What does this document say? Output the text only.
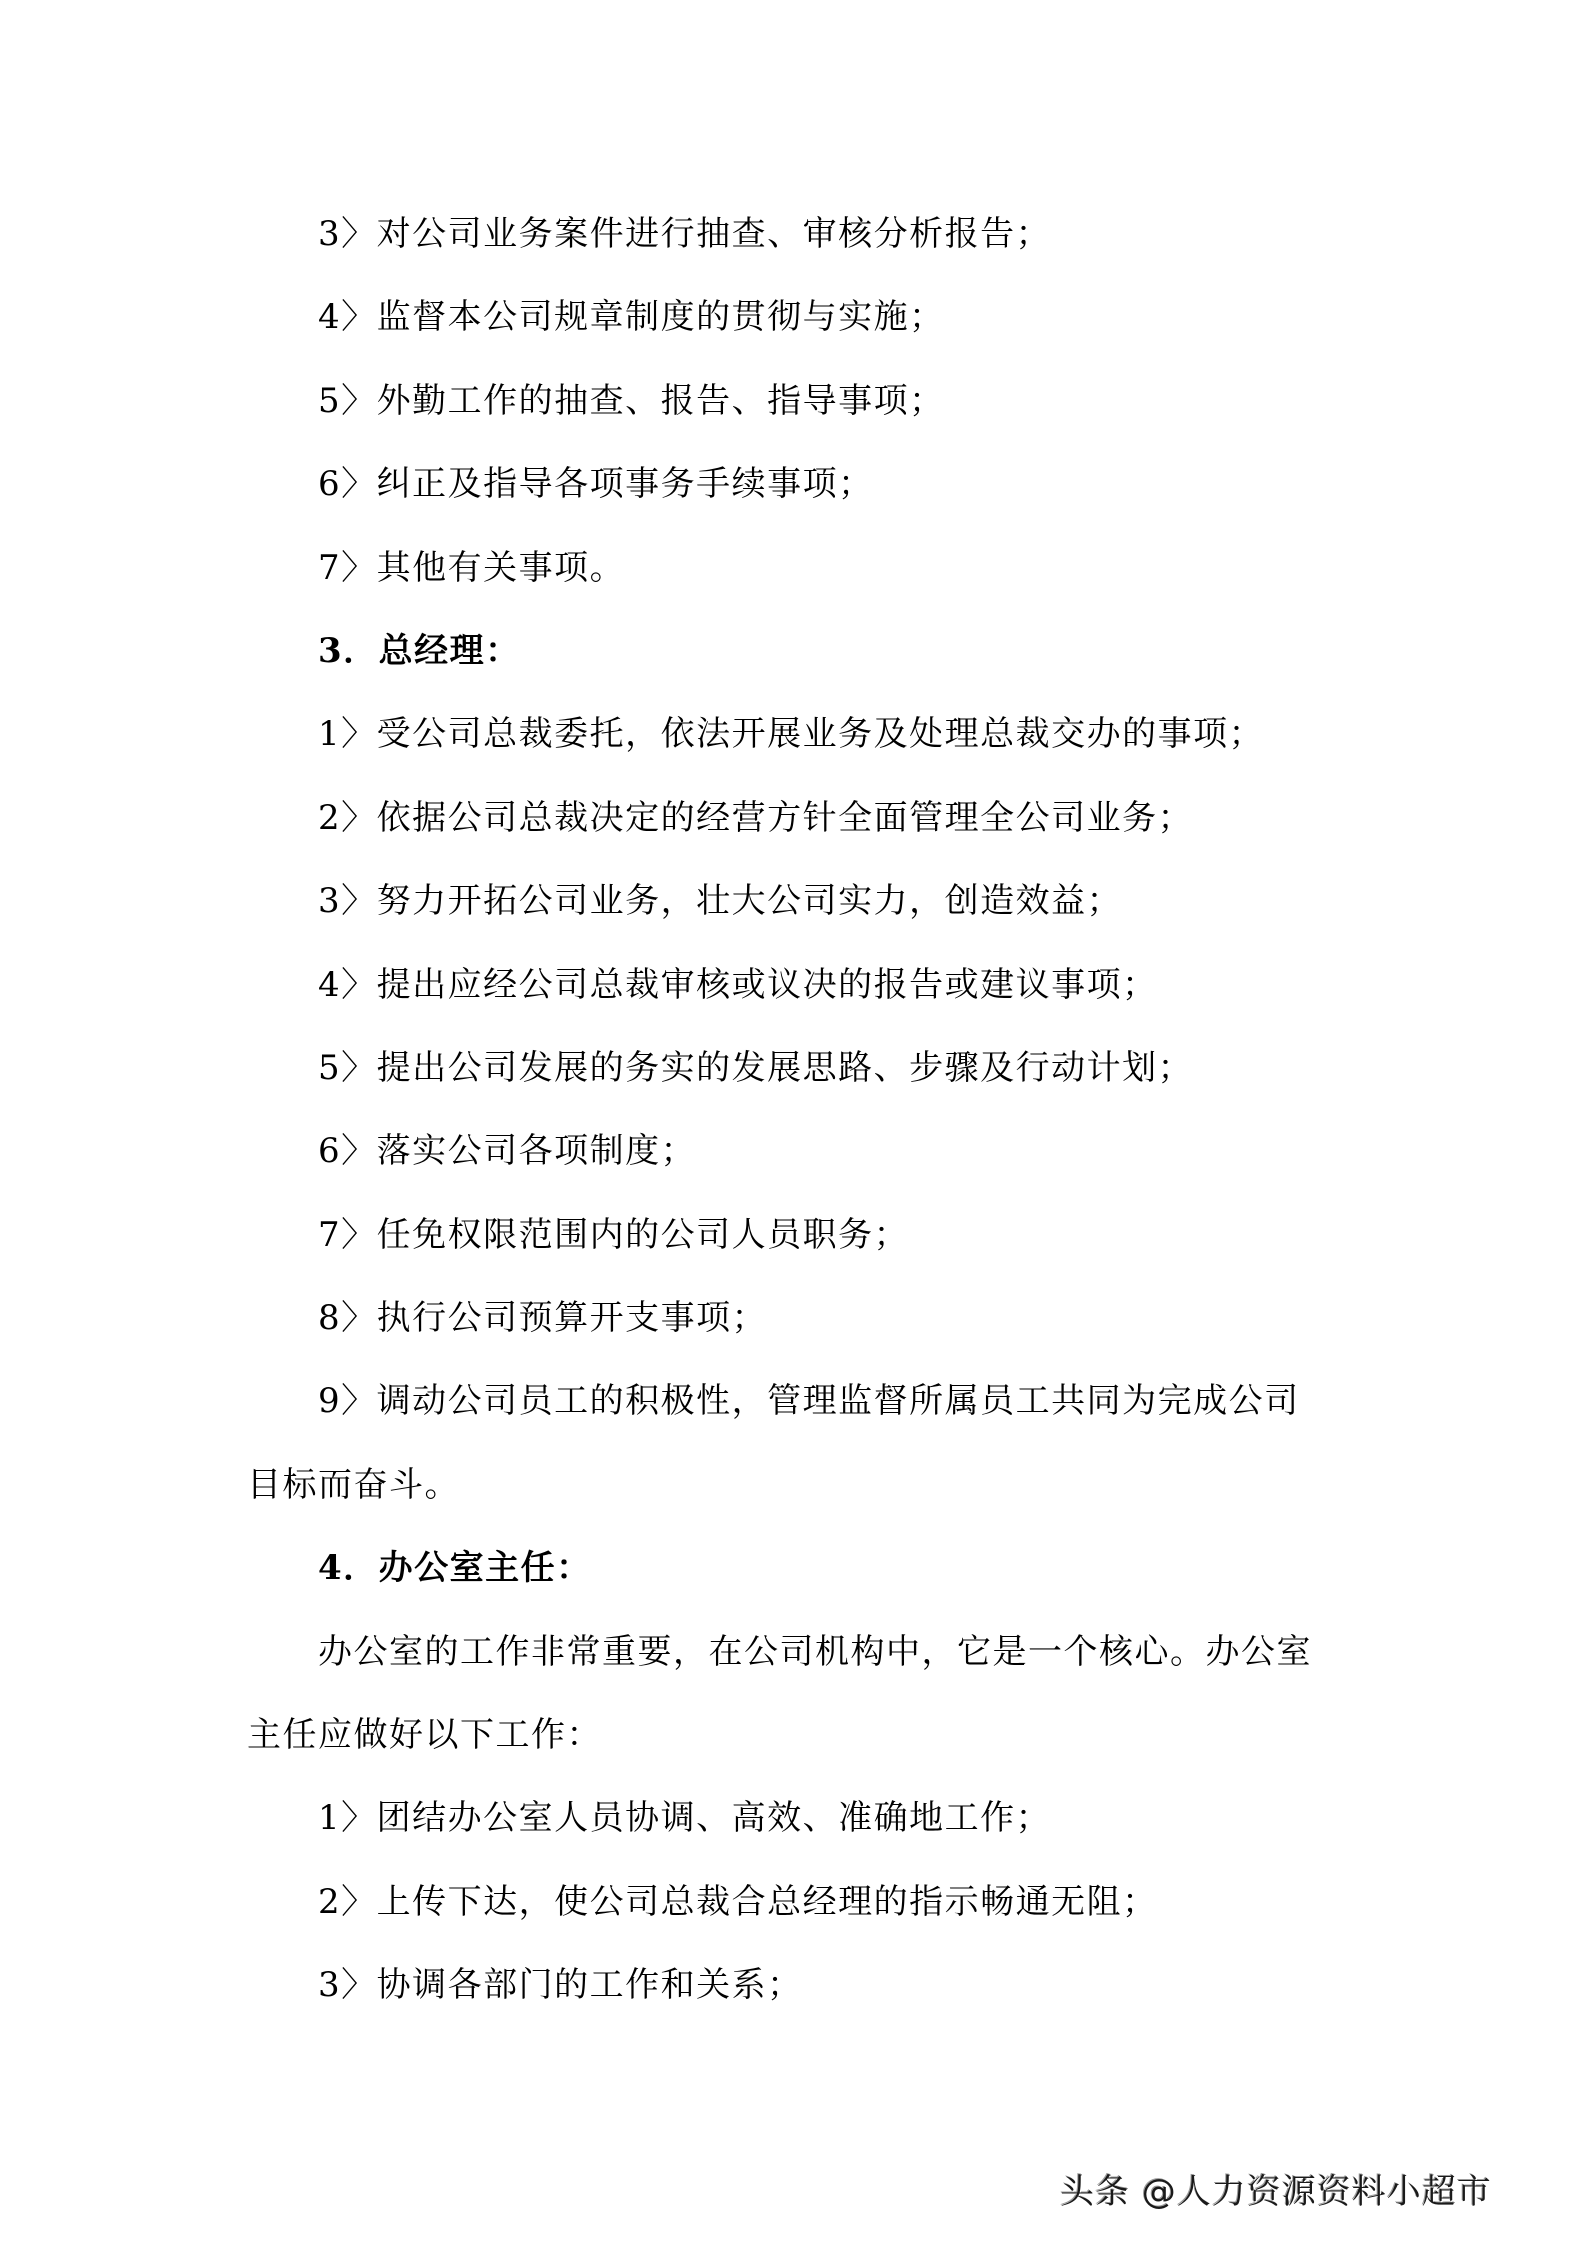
3〉对公司业务案件进行抽查、审核分析报告；
4〉监督本公司规章制度的贯彻与实施；
5〉外勤工作的抽查、报告、指导事项；
6〉纠正及指导各项事务手续事项；
7〉其他有关事项。
3．总经理：
1〉受公司总裁委托，依法开展业务及处理总裁交办的事项；
2〉依据公司总裁决定的经营方针全面管理全公司业务；
3〉努力开拓公司业务，壮大公司实力，创造效益；
4〉提出应经公司总裁审核或议决的报告或建议事项；
5〉提出公司发展的务实的发展思路、步骤及行动计划；
6〉落实公司各项制度；
7〉任免权限范围内的公司人员职务；
8〉执行公司预算开支事项；
9〉调动公司员工的积极性，管理监督所属员工共同为完成公司
目标而奋斗。
4．办公室主任：
办公室的工作非常重要，在公司机构中，它是一个核心。办公室
主任应做好以下工作：
1〉团结办公室人员协调、高效、准确地工作；
2〉上传下达，使公司总裁合总经理的指示畅通无阻；
3〉协调各部门的工作和关系；
头条 @人力资源资料小超市
